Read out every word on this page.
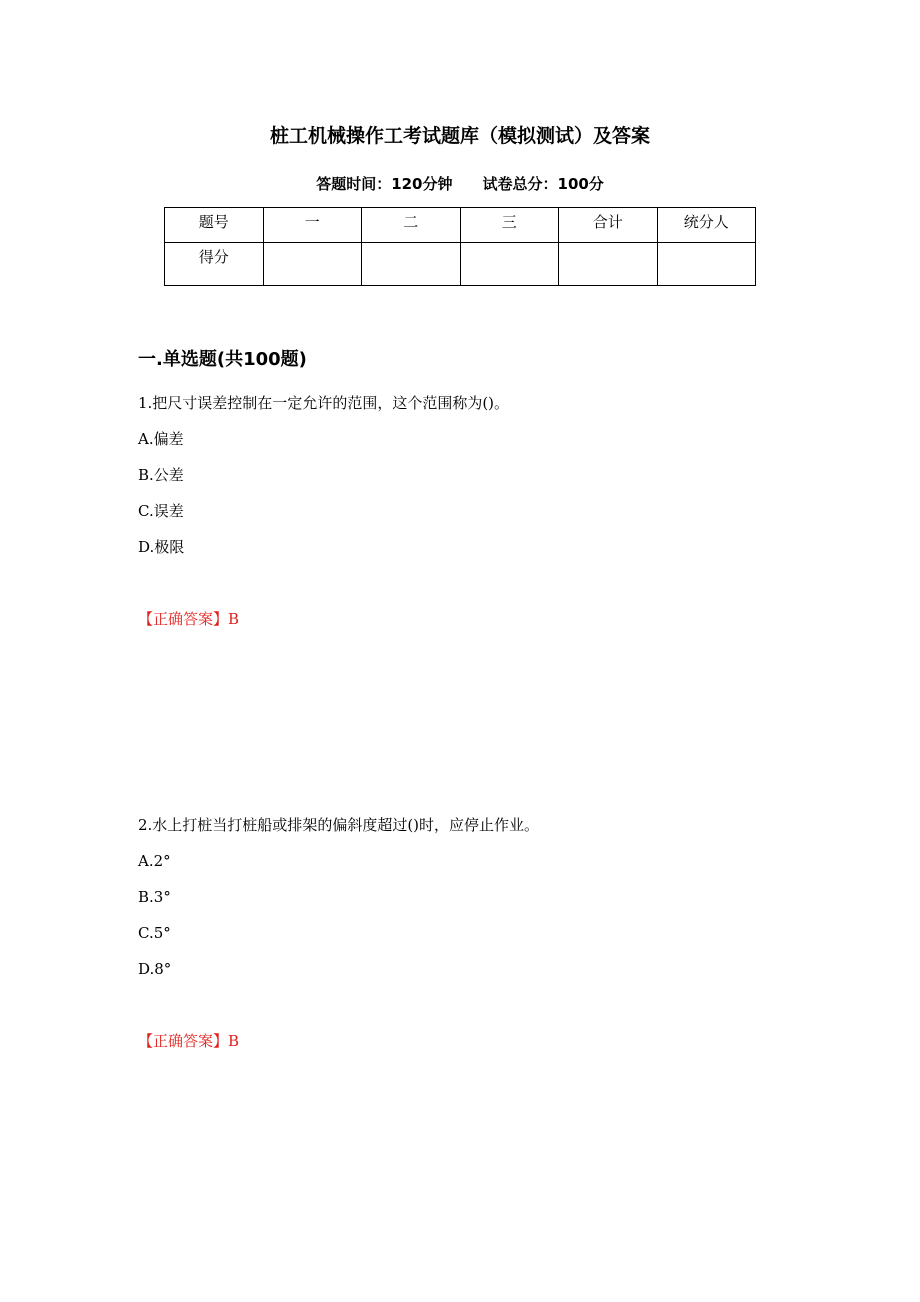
桩工机械操作工考试题库（模拟测试）及答案
答题时间：120分钟 试卷总分：100分
题号	一	二	三	合计	统分人
得分					
一.单选题(共100题)
1.把尺寸误差控制在一定允许的范围，这个范围称为()。
A.偏差
B.公差
C.误差
D.极限
【正确答案】B
2.水上打桩当打桩船或排架的偏斜度超过()时，应停止作业。
A.2°
B.3°
C.5°
D.8°
【正确答案】B
